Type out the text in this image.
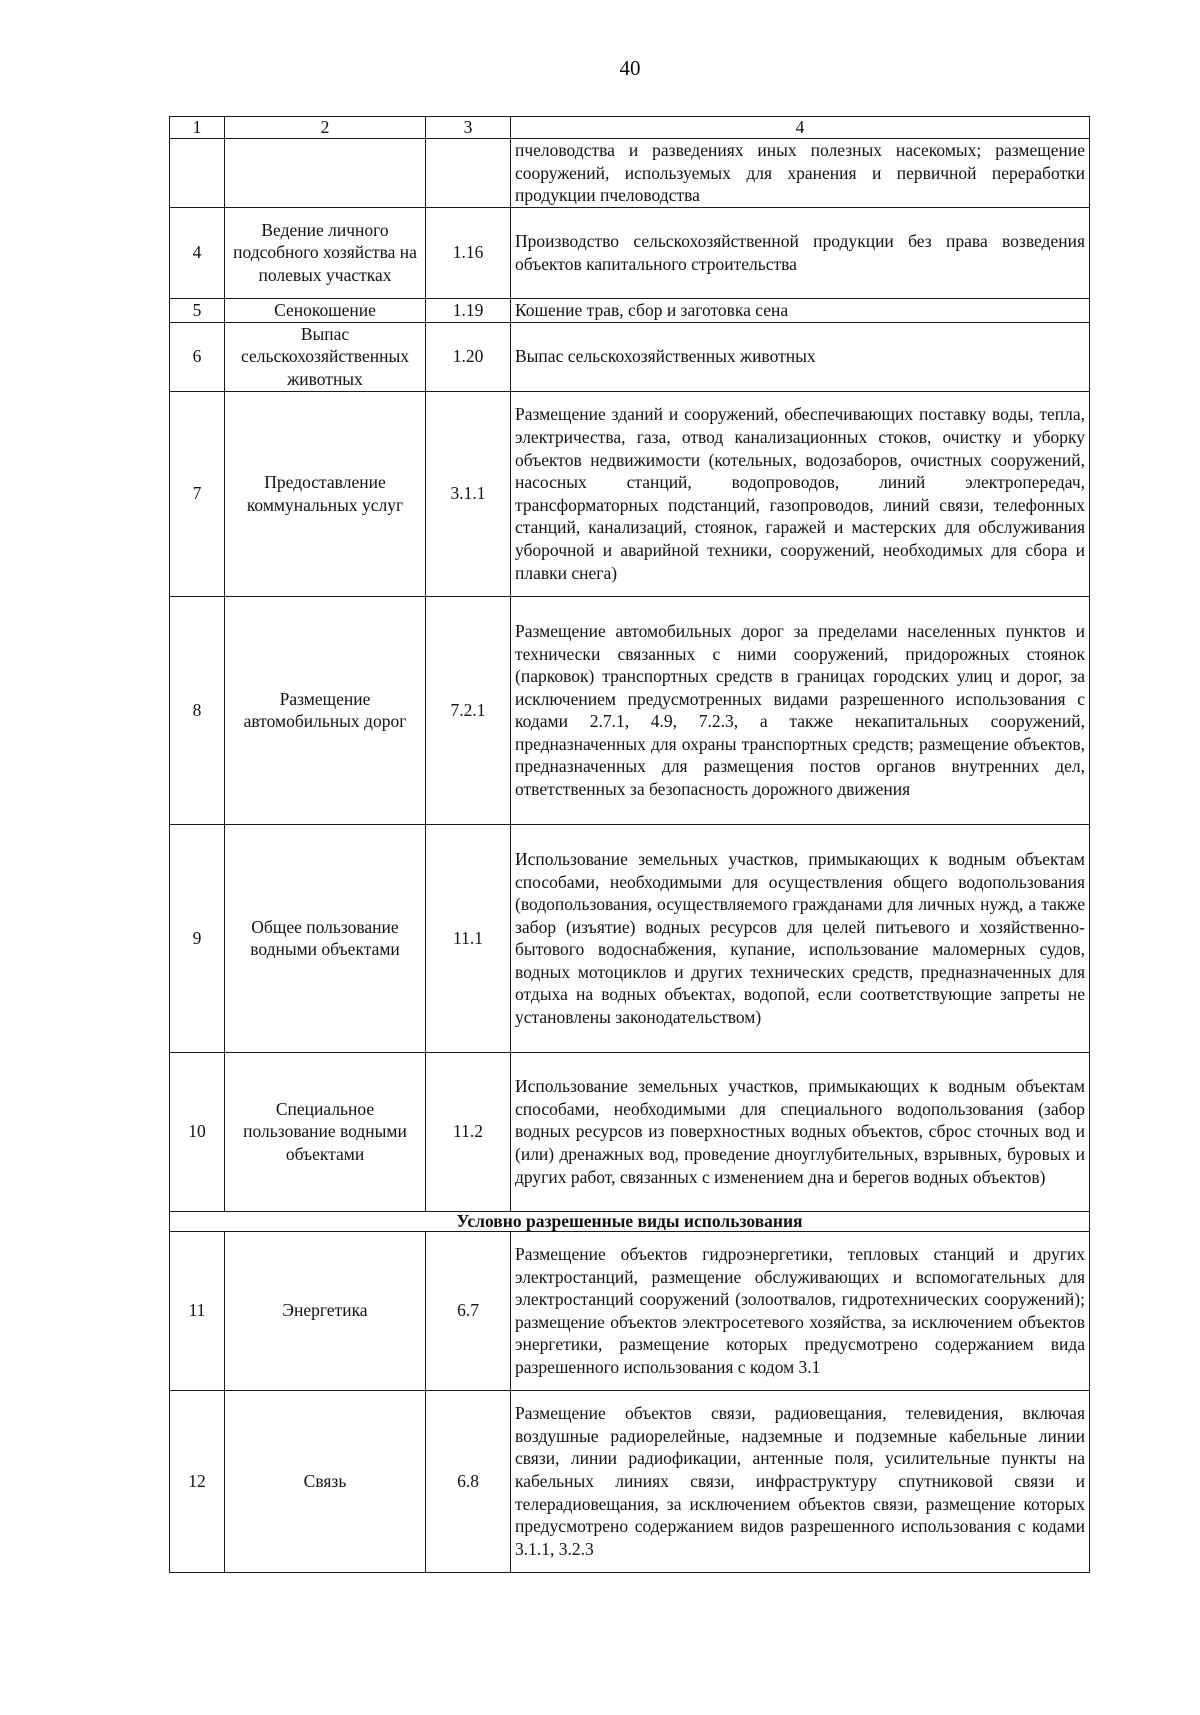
40
1	2	3	4
			пчеловодства и разведениях иных полезных насекомых; размещение сооружений, используемых для хранения и первичной переработки продукции пчеловодства
4	Ведение личного подсобного хозяйства на полевых участках	1.16	Производство сельскохозяйственной продукции без права возведения объектов капитального строительства
5	Сенокошение	1.19	Кошение трав, сбор и заготовка сена
6	Выпас сельскохозяйственных животных	1.20	Выпас сельскохозяйственных животных
7	Предоставление коммунальных услуг	3.1.1	Размещение зданий и сооружений, обеспечивающих поставку воды, тепла, электричества, газа, отвод канализационных стоков, очистку и уборку объектов недвижимости (котельных, водозаборов, очистных сооружений, насосных станций, водопроводов, линий электропередач, трансформаторных подстанций, газопроводов, линий связи, телефонных станций, канализаций, стоянок, гаражей и мастерских для обслуживания уборочной и аварийной техники, сооружений, необходимых для сбора и плавки снега)
8	Размещение автомобильных дорог	7.2.1	Размещение автомобильных дорог за пределами населенных пунктов и технически связанных с ними сооружений, придорожных стоянок (парковок) транспортных средств в границах городских улиц и дорог, за исключением предусмотренных видами разрешенного использования с кодами 2.7.1, 4.9, 7.2.3, а также некапитальных сооружений, предназначенных для охраны транспортных средств; размещение объектов, предназначенных для размещения постов органов внутренних дел, ответственных за безопасность дорожного движения
9	Общее пользование водными объектами	11.1	Использование земельных участков, примыкающих к водным объектам способами, необходимыми для осуществления общего водопользования (водопользования, осуществляемого гражданами для личных нужд, а также забор (изъятие) водных ресурсов для целей питьевого и хозяйственно-бытового водоснабжения, купание, использование маломерных судов, водных мотоциклов и других технических средств, предназначенных для отдыха на водных объектах, водопой, если соответствующие запреты не установлены законодательством)
10	Специальное пользование водными объектами	11.2	Использование земельных участков, примыкающих к водным объектам способами, необходимыми для специального водопользования (забор водных ресурсов из поверхностных водных объектов, сброс сточных вод и (или) дренажных вод, проведение дноуглубительных, взрывных, буровых и других работ, связанных с изменением дна и берегов водных объектов)
Условно разрешенные виды использования			
11	Энергетика	6.7	Размещение объектов гидроэнергетики, тепловых станций и других электростанций, размещение обслуживающих и вспомогательных для электростанций сооружений (золоотвалов, гидротехнических сооружений); размещение объектов электросетевого хозяйства, за исключением объектов энергетики, размещение которых предусмотрено содержанием вида разрешенного использования с кодом 3.1
12	Связь	6.8	Размещение объектов связи, радиовещания, телевидения, включая воздушные радиорелейные, надземные и подземные кабельные линии связи, линии радиофикации, антенные поля, усилительные пункты на кабельных линиях связи, инфраструктуру спутниковой связи и телерадиовещания, за исключением объектов связи, размещение которых предусмотрено содержанием видов разрешенного использования с кодами 3.1.1, 3.2.3
